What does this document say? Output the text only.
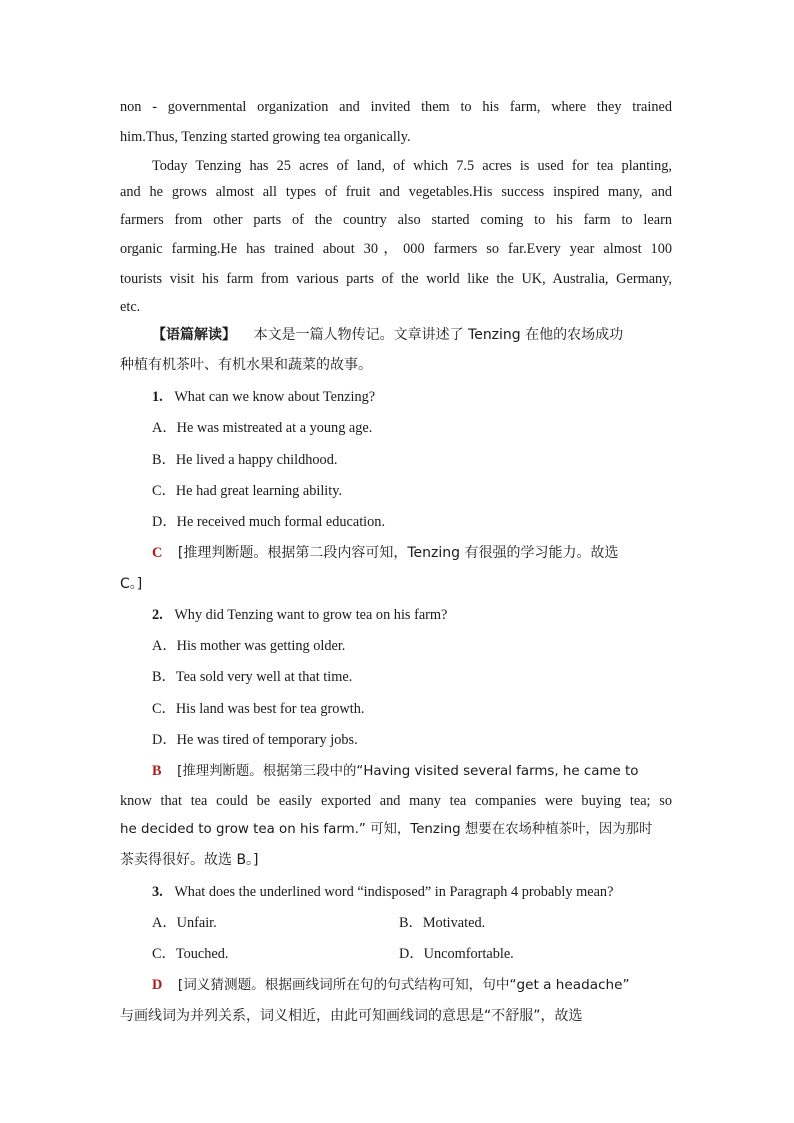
non - governmental organization and invited them to his farm, where they trained
him.Thus, Tenzing started growing tea organically.
Today Tenzing has 25 acres of land, of which 7.5 acres is used for tea planting,
and he grows almost all types of fruit and vegetables.His success inspired many, and
farmers from other parts of the country also started coming to his farm to learn
organic farming.He has trained about 30，000 farmers so far.Every year almost 100
tourists visit his farm from various parts of the world like the UK, Australia, Germany,
etc.
【语篇解读】 本文是一篇人物传记。文章讲述了 Tenzing 在他的农场成功
种植有机茶叶、有机水果和蔬菜的故事。
1. What can we know about Tenzing?
A．He was mistreated at a young age.
B．He lived a happy childhood.
C．He had great learning ability.
D．He received much formal education.
C [推理判断题。根据第二段内容可知，Tenzing 有很强的学习能力。故选
C。]
2. Why did Tenzing want to grow tea on his farm?
A．His mother was getting older.
B．Tea sold very well at that time.
C．His land was best for tea growth.
D．He was tired of temporary jobs.
B [推理判断题。根据第三段中的“Having visited several farms, he came to
know that tea could be easily exported and many tea companies were buying tea; so
he decided to grow tea on his farm.” 可知，Tenzing 想要在农场种植茶叶，因为那时
茶卖得很好。故选 B。]
3. What does the underlined word “indisposed” in Paragraph 4 probably mean?
A．Unfair.	B．Motivated.
C．Touched.	D．Uncomfortable.
D [词义猜测题。根据画线词所在句的句式结构可知，句中“get a headache”
与画线词为并列关系，词义相近，由此可知画线词的意思是“不舒服”，故选
